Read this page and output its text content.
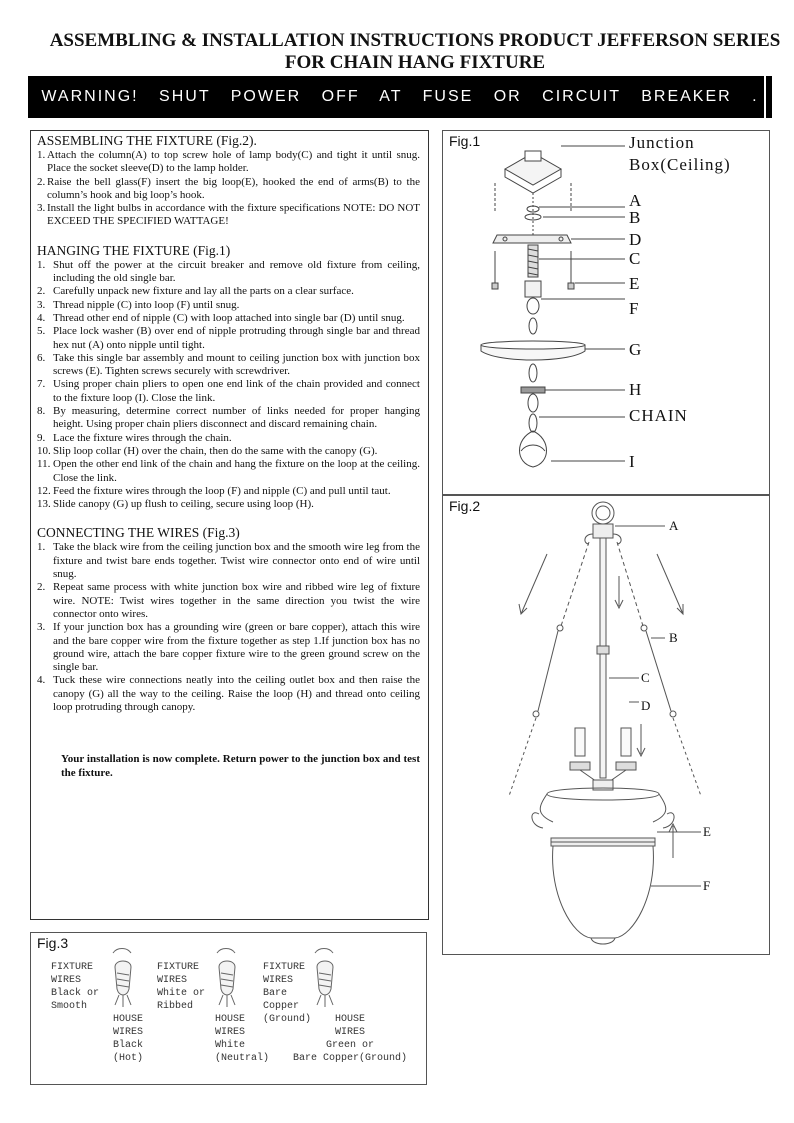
ASSEMBLING & INSTALLATION INSTRUCTIONS PRODUCT JEFFERSON SERIES
FOR CHAIN HANG FIXTURE
WARNING! SHUT POWER OFF AT FUSE OR CIRCUIT BREAKER .
ASSEMBLING THE FIXTURE (Fig.2).
1. Attach the column(A) to top screw hole of lamp body(C) and tight it until snug. Place the socket sleeve(D) to the lamp holder.
2. Raise the bell glass(F) insert the big loop(E), hooked the end of arms(B) to the column’s hook and big loop’s hook.
3. Install the light bulbs in accordance with the fixture specifications NOTE: DO NOT EXCEED THE SPECIFIED WATTAGE!
HANGING THE FIXTURE (Fig.1)
1. Shut off the power at the circuit breaker and remove old fixture from ceiling, including the old single bar.
2. Carefully unpack new fixture and lay all the parts on a clear surface.
3. Thread nipple (C) into loop (F) until snug.
4. Thread other end of nipple (C) with loop attached into single bar (D) until snug.
5. Place lock washer (B) over end of nipple protruding through single bar and thread hex nut (A) onto nipple until tight.
6. Take this single bar assembly and mount to ceiling junction box with junction box screws (E). Tighten screws securely with screwdriver.
7. Using proper chain pliers to open one end link of the chain provided and connect to the fixture loop (I). Close the link.
8. By measuring, determine correct number of links needed for proper hanging height. Using proper chain pliers disconnect and discard remaining chain.
9. Lace the fixture wires through the chain.
10. Slip loop collar (H) over the chain, then do the same with the canopy (G).
11. Open the other end link of the chain and hang the fixture on the loop at the ceiling. Close the link.
12. Feed the fixture wires through the loop (F) and nipple (C) and pull until taut.
13. Slide canopy (G) up flush to ceiling, secure using loop (H).
CONNECTING THE WIRES (Fig.3)
1. Take the black wire from the ceiling junction box and the smooth wire leg from the fixture and twist bare ends together. Twist wire connector onto end of wire until snug.
2. Repeat same process with white junction box wire and ribbed wire leg of fixture wire. NOTE: Twist wires together in the same direction you twist the wire connector onto wires.
3. If your junction box has a grounding wire (green or bare copper), attach this wire and the bare copper wire from the fixture together as step 1.If junction box has no ground wire, attach the bare copper fixture wire to the green ground screw on the single bar.
4. Tuck these wire connections neatly into the ceiling outlet box and then raise the canopy (G) all the way to the ceiling. Raise the loop (H) and thread onto ceiling loop protruding through canopy.
Your installation is now complete. Return power to the junction box and test the fixture.
Fig.1	Junction
Box(Ceiling)
A
B
D
C
E
F
G
H
CHAIN
I
Fig.2
A
B
C
D
E
F
Fig.3
FIXTURE
WIRES
Black or
Smooth
HOUSE
WIRES
Black
(Hot)
FIXTURE
WIRES
White or
Ribbed
HOUSE
WIRES
White
(Neutral)
FIXTURE
WIRES
Bare
Copper
(Ground)	HOUSE
WIRES
Green or
Bare Copper(Ground)
